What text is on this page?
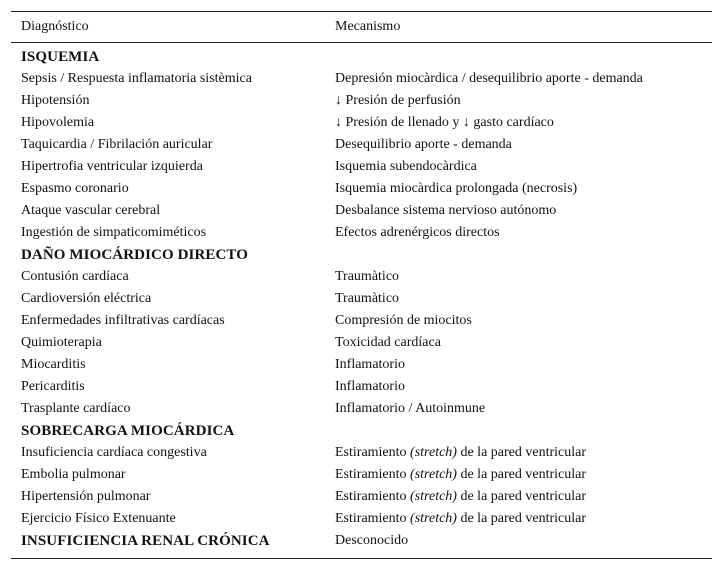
Diagnóstico	Mecanismo
ISQUEMIA
Sepsis / Respuesta inflamatoria sistèmica	Depresión miocàrdica / desequilibrio aporte - demanda
Hipotensión	↓ Presión de perfusión
Hipovolemia	↓ Presión de llenado y ↓ gasto cardíaco
Taquicardia / Fibrilación auricular	Desequilibrio aporte - demanda
Hipertrofia ventricular izquierda	Isquemia subendocàrdica
Espasmo coronario	Isquemia miocàrdica prolongada (necrosis)
Ataque vascular cerebral	Desbalance sistema nervioso autónomo
Ingestión de simpaticomiméticos	Efectos adrenérgicos directos
DAÑO MIOCÁRDICO DIRECTO
Contusión cardíaca	Traumàtico
Cardioversión eléctrica	Traumàtico
Enfermedades infiltrativas cardíacas	Compresión de miocitos
Quimioterapia	Toxicidad cardíaca
Miocarditis	Inflamatorio
Pericarditis	Inflamatorio
Trasplante cardíaco	Inflamatorio / Autoinmune
SOBRECARGA MIOCÁRDICA
Insuficiencia cardíaca congestiva	Estiramiento (stretch) de la pared ventricular
Embolia pulmonar	Estiramiento (stretch) de la pared ventricular
Hipertensión pulmonar	Estiramiento (stretch) de la pared ventricular
Ejercicio Físico Extenuante	Estiramiento (stretch) de la pared ventricular
INSUFICIENCIA RENAL CRÓNICA	Desconocido
